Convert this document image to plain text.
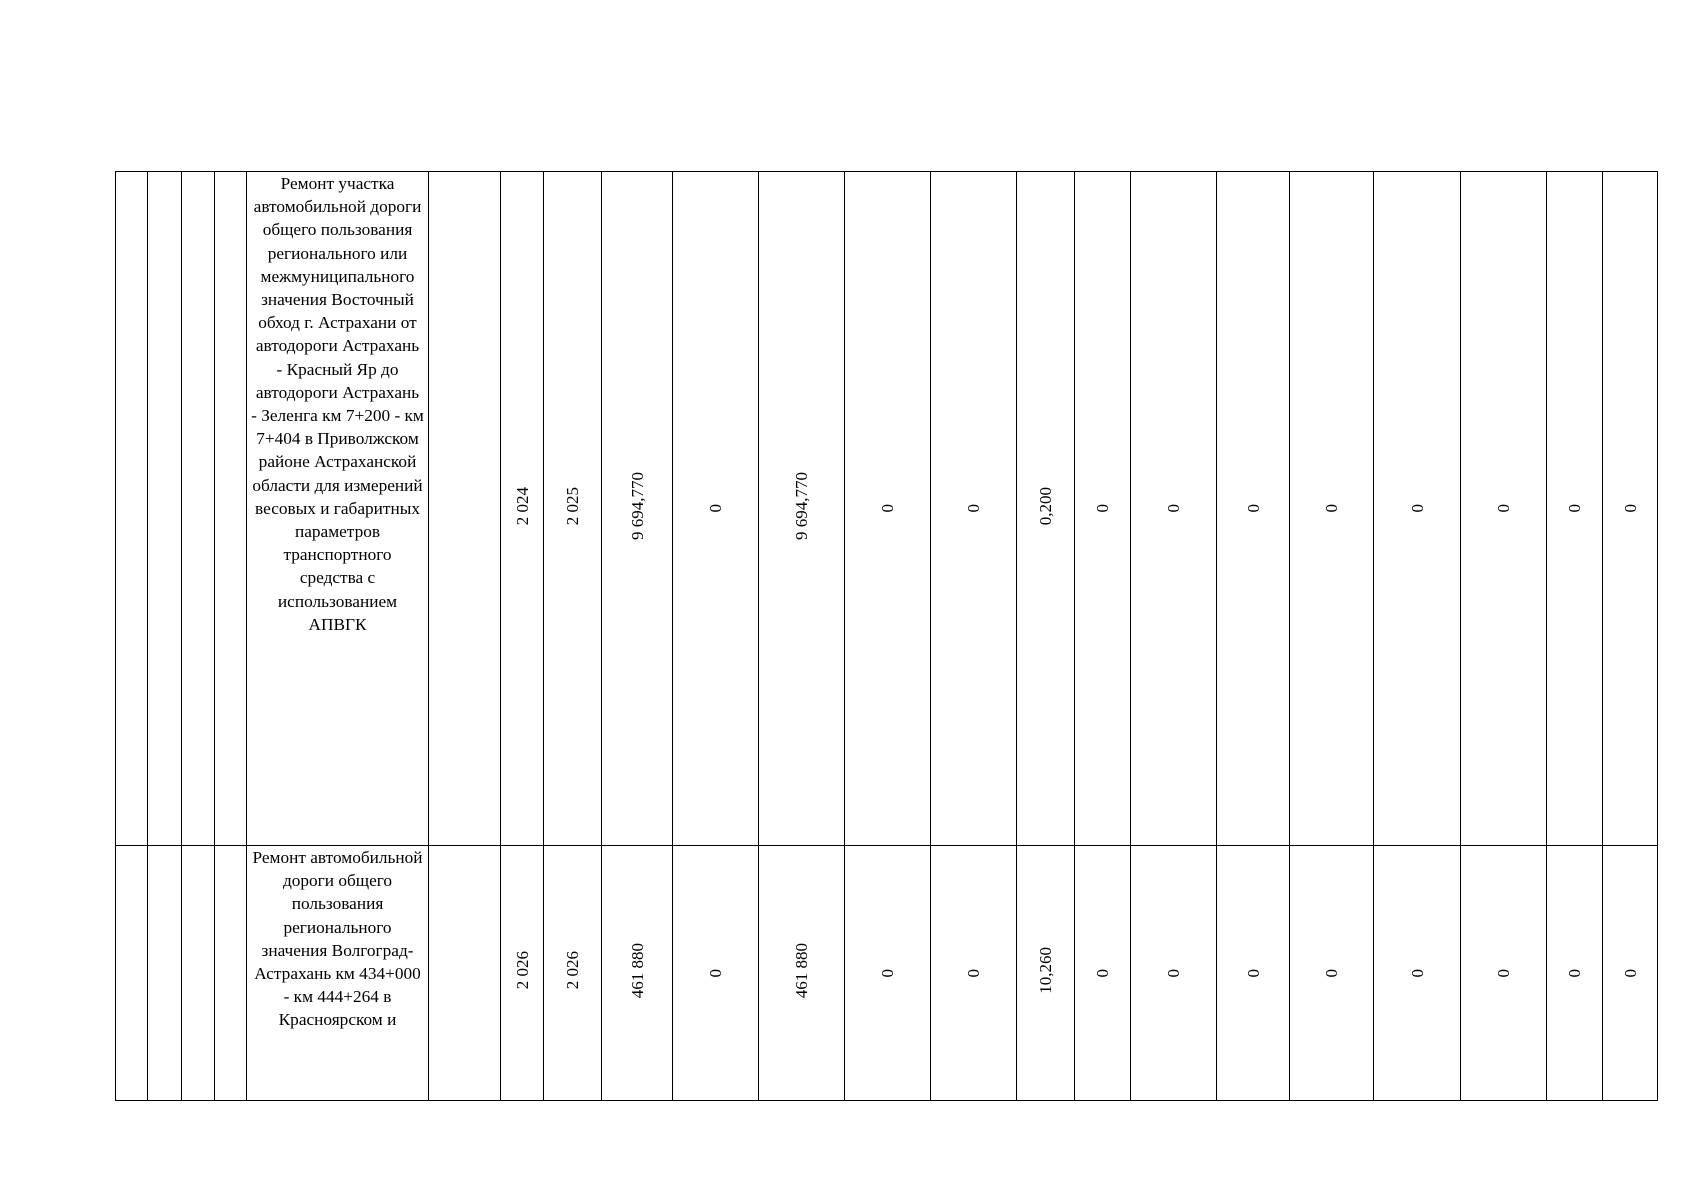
				Ремонт участка автомобильной дороги общего пользования регионального или межмуниципального значения Восточный обход г. Астрахани от автодороги Астрахань - Красный Яр до автодороги Астрахань - Зеленга км 7+200 - км 7+404 в Приволжском районе Астраханской области для измерений весовых и габаритных параметров транспортного средства с использованием АПВГК		2 024	2 025	9 694,770	0	9 694,770	0	0	0,200	0	0	0	0	0	0	0	0
				Ремонт автомобильной дороги общего пользования регионального значения Волгоград-Астрахань км 434+000 - км 444+264 в Красноярском и		2 026	2 026	461 880	0	461 880	0	0	10,260	0	0	0	0	0	0	0	0
